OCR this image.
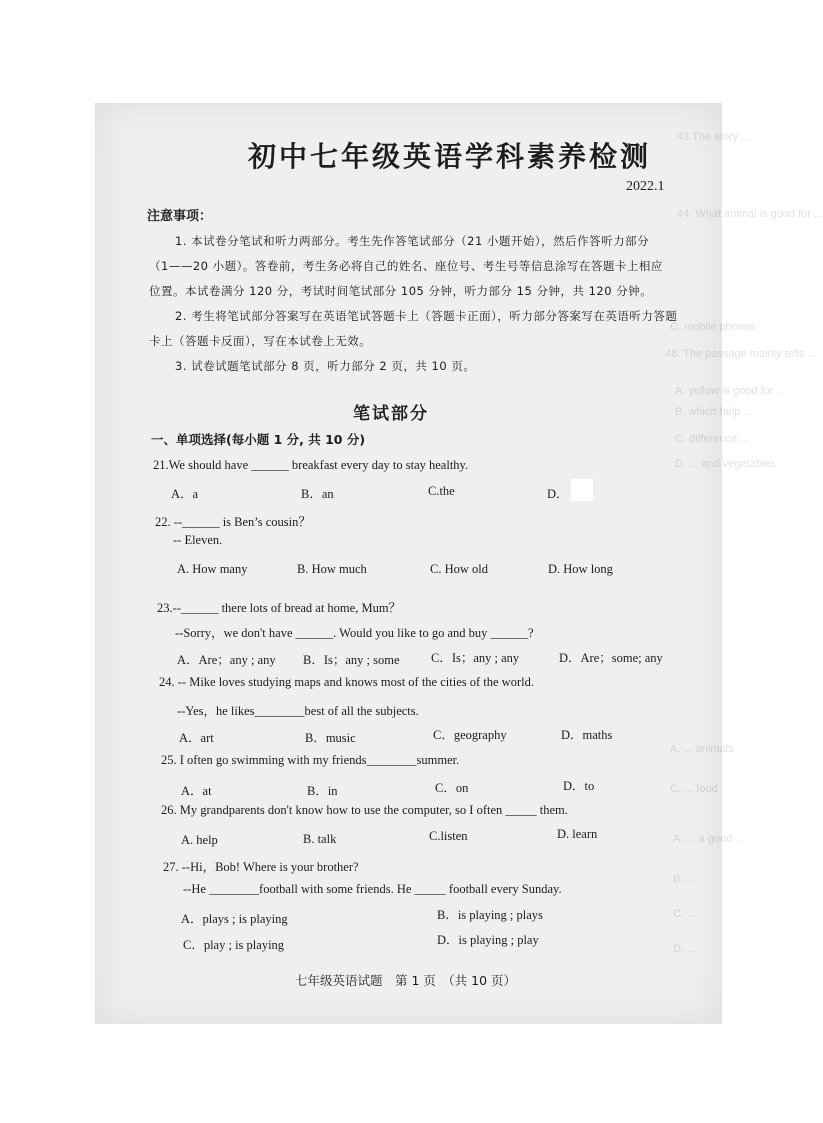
43.The story ...
44. What animal is good for ...
C. mobile phones
48. The passage mainly tells ...
A. yellow is good for ...
B. which help ...
C. difference ...
D. ... and vegetables
A. ... animals
C. ... food
A. ... a good ...
B. ...
C. ...
D. ...
初中七年级英语学科素养检测
2022.1
注意事项：
1. 本试卷分笔试和听力两部分。考生先作答笔试部分（21 小题开始），然后作答听力部分
（1——20 小题）。答卷前，考生务必将自己的姓名、座位号、考生号等信息涂写在答题卡上相应
位置。本试卷满分 120 分，考试时间笔试部分 105 分钟，听力部分 15 分钟，共 120 分钟。
2. 考生将笔试部分答案写在英语笔试答题卡上（答题卡正面），听力部分答案写在英语听力答题
卡上（答题卡反面），写在本试卷上无效。
3. 试卷试题笔试部分 8 页，听力部分 2 页，共 10 页。
笔试部分
一、单项选择(每小题 1 分, 共 10 分)
21.We should have ______ breakfast every day to stay healthy.
A．a	B．an	C.the	D．
22. --______ is Ben’s cousin？
-- Eleven.
A. How many	B. How much	C. How old	D. How long
23.--______ there lots of bread at home, Mum？
--Sorry，we don't have ______. Would you like to go and buy ______?
A．Are；any ; any B．Is；any ; some	C．Is；any ; any	D．Are；some; any
24. -- Mike loves studying maps and knows most of the cities of the world.
--Yes，he likes________best of all the subjects.
A．art	B．music	C．geography	D．maths
25. I often go swimming with my friends________summer.
A．at	B．in	C．on	D．to
26. My grandparents don't know how to use the computer, so I often _____ them.
A. help	B. talk	C.listen	D. learn
27. --Hi，Bob! Where is your brother?
--He ________football with some friends. He _____ football every Sunday.
A．plays ; is playing	B．is playing ; plays
C．play ; is playing	D．is playing ; play
七年级英语试题　第 1 页　（共 10 页）
